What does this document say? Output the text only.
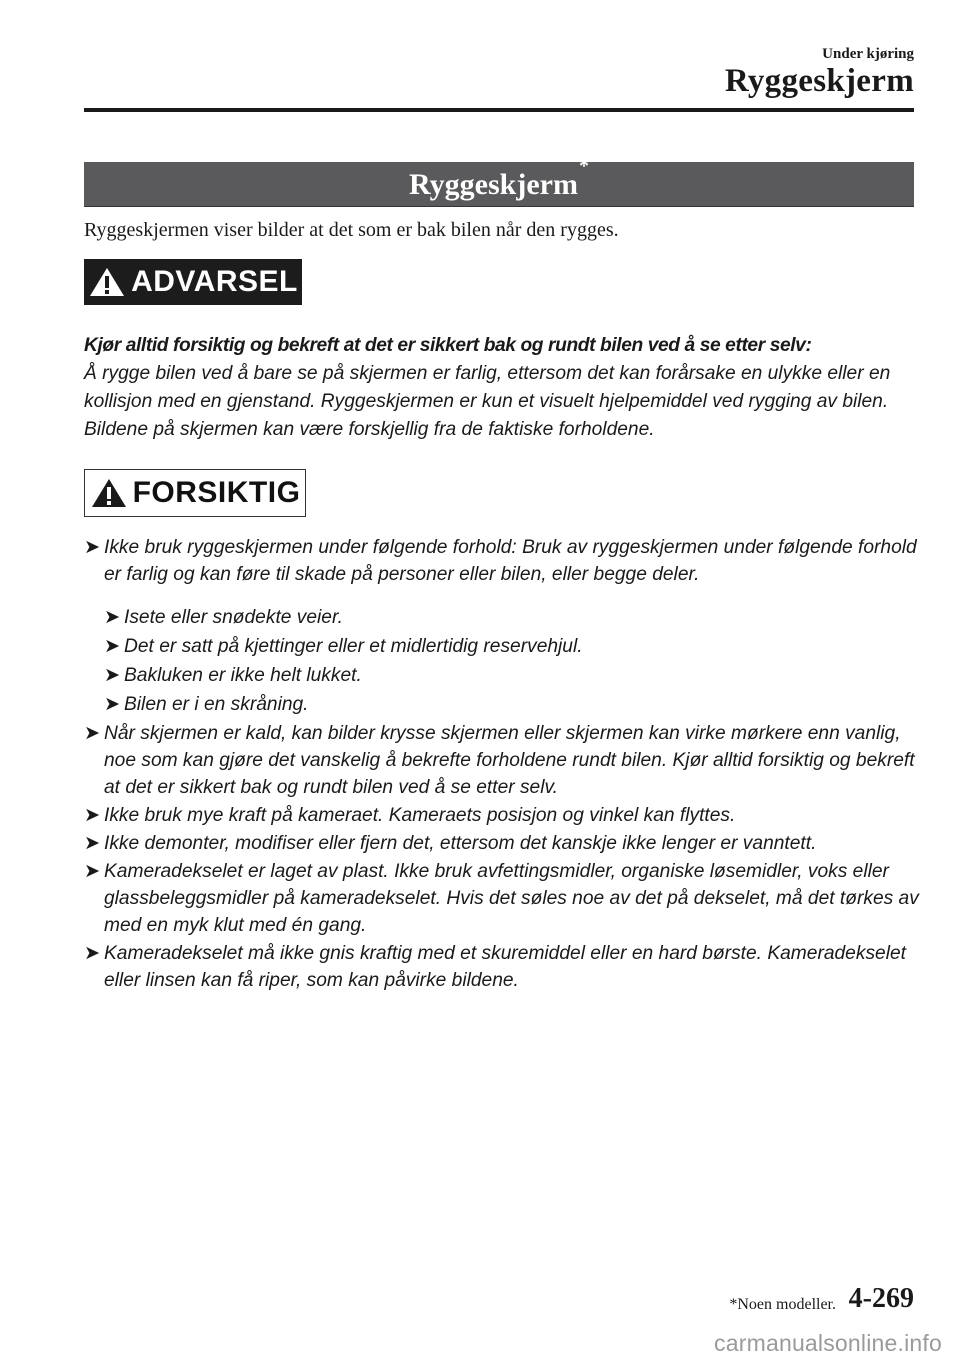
Under kjøring
Ryggeskjerm
Ryggeskjerm*
Ryggeskjermen viser bilder at det som er bak bilen når den rygges.
ADVARSEL
Kjør alltid forsiktig og bekreft at det er sikkert bak og rundt bilen ved å se etter selv:
Å rygge bilen ved å bare se på skjermen er farlig, ettersom det kan forårsake en ulykke eller en kollisjon med en gjenstand. Ryggeskjermen er kun et visuelt hjelpemiddel ved rygging av bilen. Bildene på skjermen kan være forskjellig fra de faktiske forholdene.
FORSIKTIG

➤ Ikke bruk ryggeskjermen under følgende forhold: Bruk av ryggeskjermen under følgende forhold er farlig og kan føre til skade på personer eller bilen, eller begge deler.

➤ Isete eller snødekte veier.

➤ Det er satt på kjettinger eller et midlertidig reservehjul.

➤ Bakluken er ikke helt lukket.

➤ Bilen er i en skråning.

➤ Når skjermen er kald, kan bilder krysse skjermen eller skjermen kan virke mørkere enn vanlig, noe som kan gjøre det vanskelig å bekrefte forholdene rundt bilen. Kjør alltid forsiktig og bekreft at det er sikkert bak og rundt bilen ved å se etter selv.

➤ Ikke bruk mye kraft på kameraet. Kameraets posisjon og vinkel kan flyttes.

➤ Ikke demonter, modifiser eller fjern det, ettersom det kanskje ikke lenger er vanntett.

➤ Kameradekselet er laget av plast. Ikke bruk avfettingsmidler, organiske løsemidler, voks eller glassbeleggsmidler på kameradekselet. Hvis det søles noe av det på dekselet, må det tørkes av med en myk klut med én gang.

➤ Kameradekselet må ikke gnis kraftig med et skuremiddel eller en hard børste. Kameradekselet eller linsen kan få riper, som kan påvirke bildene.

*Noen modeller. 4-269
carmanualsonline.info
